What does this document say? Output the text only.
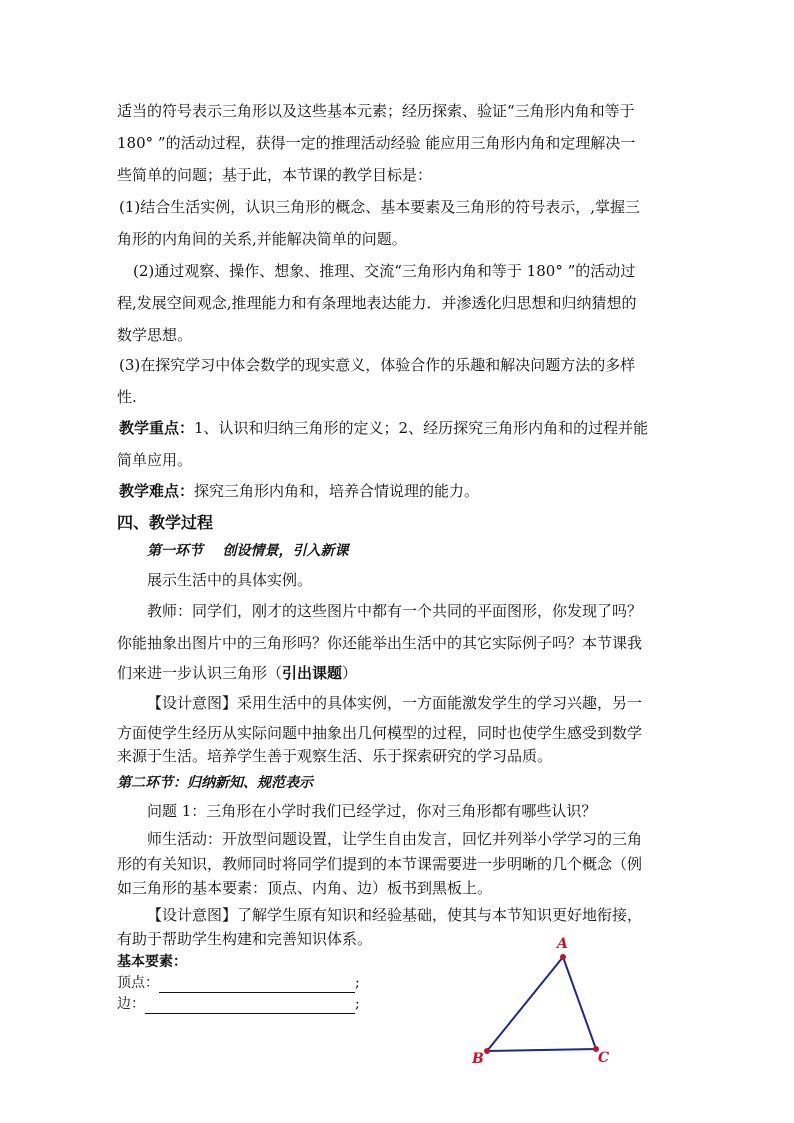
适当的符号表示三角形以及这些基本元素；经历探索、验证“三角形内角和等于
180° ”的活动过程，获得一定的推理活动经验 能应用三角形内角和定理解决一
些简单的问题；基于此，本节课的教学目标是：
(1)结合生活实例，认识三角形的概念、基本要素及三角形的符号表示，,掌握三
角形的内角间的关系,并能解决简单的问题。
(2)通过观察、操作、想象、推理、交流“三角形内角和等于 180° ”的活动过
程,发展空间观念,推理能力和有条理地表达能力．并渗透化归思想和归纳猜想的
数学思想。
(3)在探究学习中体会数学的现实意义，体验合作的乐趣和解决问题方法的多样
性.
教学重点：1、认识和归纳三角形的定义；2、经历探究三角形内角和的过程并能
简单应用。
教学难点：探究三角形内角和，培养合情说理的能力。
四、教学过程
第一环节    创设情景，引入新课
展示生活中的具体实例。
教师：同学们，刚才的这些图片中都有一个共同的平面图形，你发现了吗？
你能抽象出图片中的三角形吗？你还能举出生活中的其它实际例子吗？本节课我
们来进一步认识三角形（引出课题）
【设计意图】采用生活中的具体实例，一方面能激发学生的学习兴趣，另一
方面使学生经历从实际问题中抽象出几何模型的过程，同时也使学生感受到数学
来源于生活。培养学生善于观察生活、乐于探索研究的学习品质。
第二环节：归纳新知、规范表示
问题 1：三角形在小学时我们已经学过，你对三角形都有哪些认识？
师生活动：开放型问题设置，让学生自由发言，回忆并列举小学学习的三角
形的有关知识，教师同时将同学们提到的本节课需要进一步明晰的几个概念（例
如三角形的基本要素：顶点、内角、边）板书到黑板上。
【设计意图】了解学生原有知识和经验基础，使其与本节知识更好地衔接，
有助于帮助学生构建和完善知识体系。
基本要素：
顶点：	;
边：	;
A
B	C
